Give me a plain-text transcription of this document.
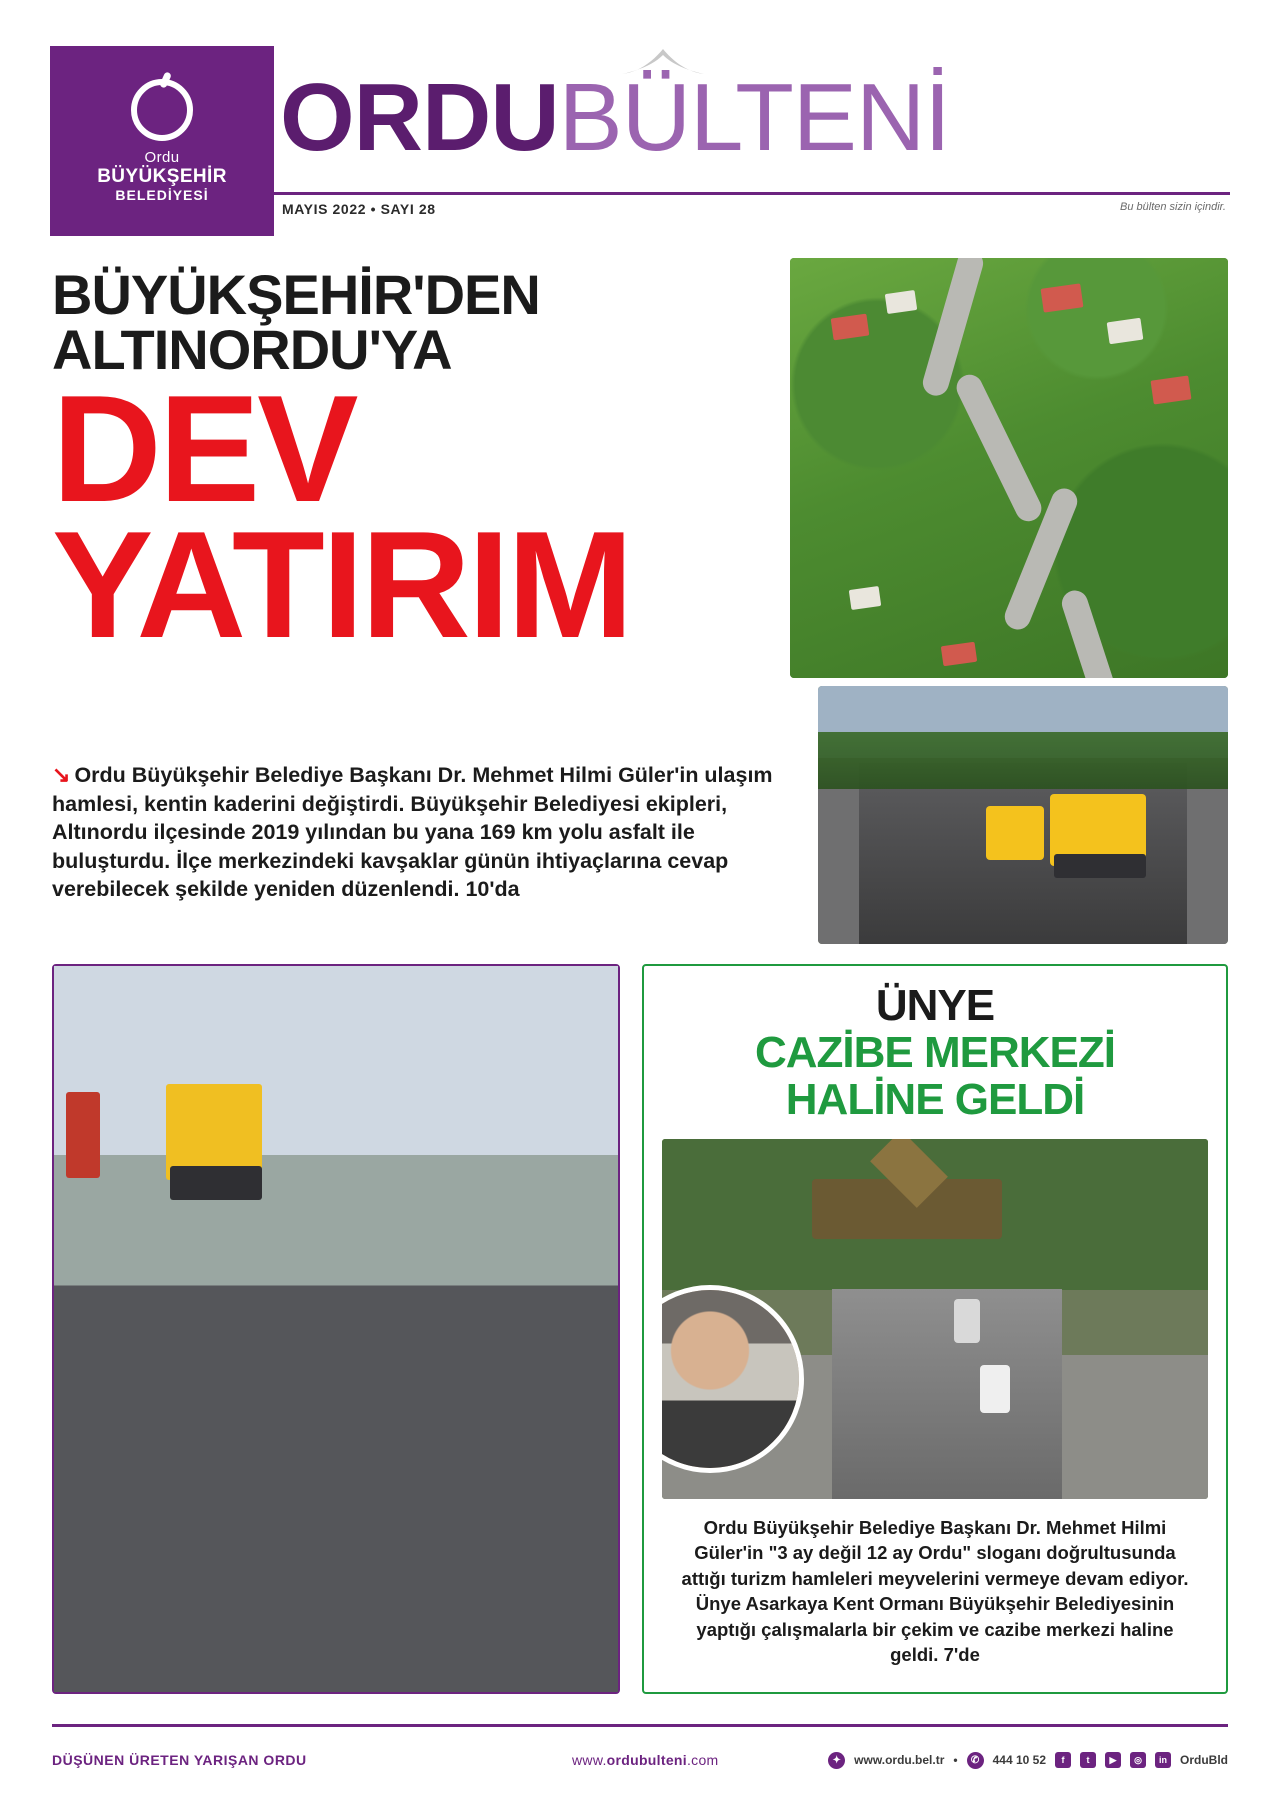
Ordu
BÜYÜKŞEHİR
BELEDİYESİ
ORDUBÜLTENİ
MAYIS 2022 • SAYI 28	Bu bülten sizin içindir.
BÜYÜKŞEHİR'DEN
ALTINORDU'YA
DEV
YATIRIM
↘ Ordu Büyükşehir Belediye Başkanı Dr. Mehmet Hilmi Güler'in ulaşım hamlesi, kentin kaderini değiştirdi. Büyükşehir Belediyesi ekipleri, Altınordu ilçesinde 2019 yılından bu yana 169 km yolu asfalt ile buluşturdu. İlçe merkezindeki kavşaklar günün ihtiyaçlarına cevap verebilecek şekilde yeniden düzenlendi. 10'da
ÜNYE
CAZİBE MERKEZİ
HALİNE GELDİ
Ordu Büyükşehir Belediye Başkanı Dr. Mehmet Hilmi Güler'in "3 ay değil 12 ay Ordu" sloganı doğrultusunda attığı turizm hamleleri meyvelerini vermeye devam ediyor. Ünye Asarkaya Kent Ormanı Büyükşehir Belediyesinin yaptığı çalışmalarla bir çekim ve cazibe merkezi haline geldi. 7'de
DÜŞÜNEN ÜRETEN YARIŞAN ORDU	www.ordubulteni.com	✦	www.ordu.bel.tr •	✆	444 10 52	f	t	▶	◎	in	OrduBld
